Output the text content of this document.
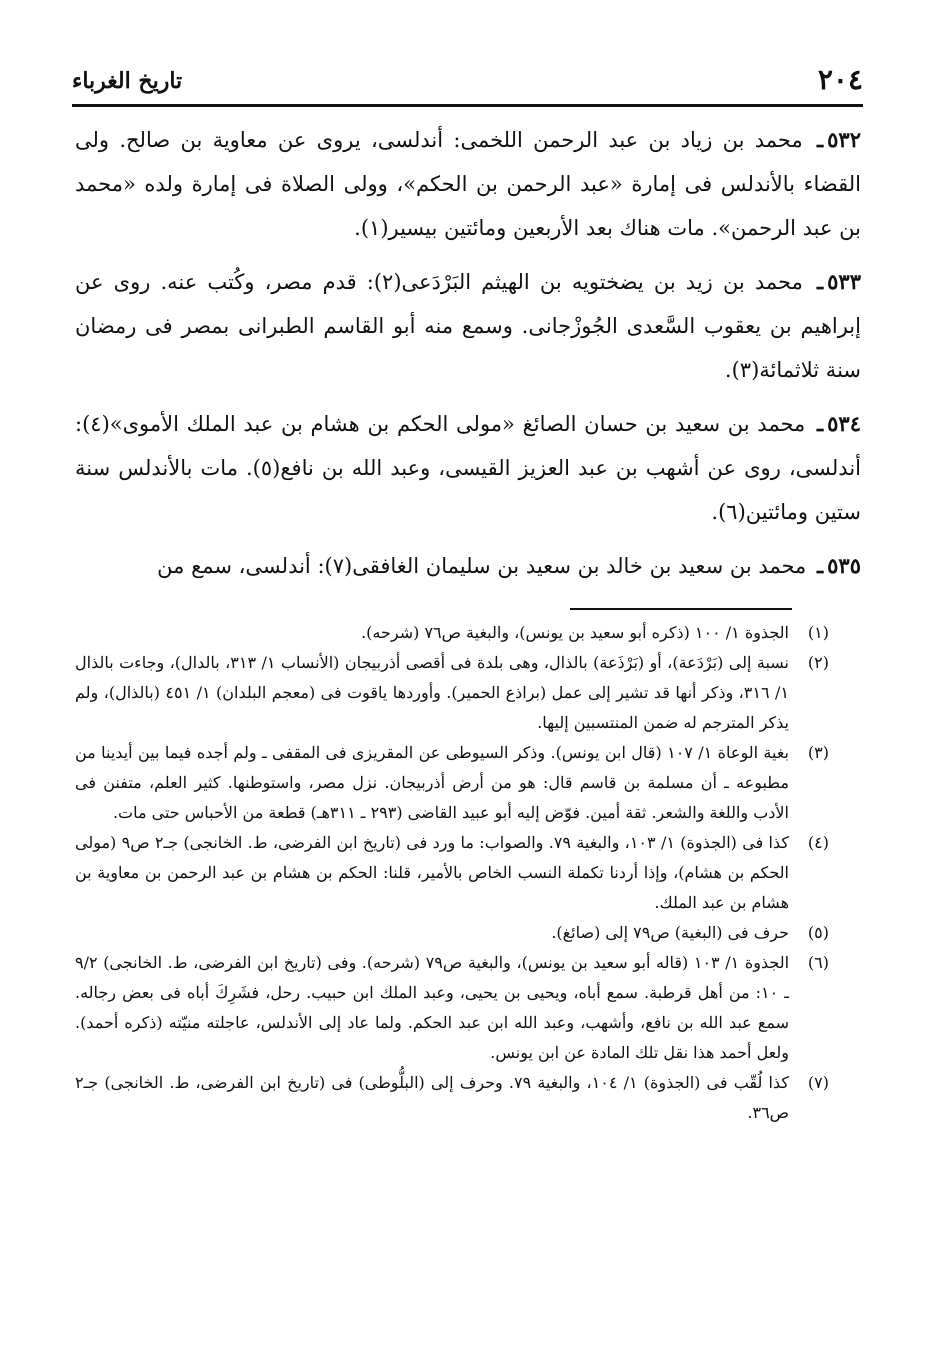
٢٠٤
تاريخ الغرباء

٥٣٢ـ محمد بن زياد بن عبد الرحمن اللخمى: أندلسى، يروى عن معاوية بن صالح. ولى القضاء بالأندلس فى إمارة «عبد الرحمن بن الحكم»، وولى الصلاة فى إمارة ولده «محمد بن عبد الرحمن». مات هناك بعد الأربعين ومائتين بيسير(١).

٥٣٣ـ محمد بن زيد بن يضختويه بن الهيثم البَرْدَعى(٢): قدم مصر، وكُتب عنه. روى عن إبراهيم بن يعقوب السَّعدى الجُوزْجانى. وسمع منه أبو القاسم الطبرانى بمصر فى رمضان سنة ثلاثمائة(٣).

٥٣٤ـ محمد بن سعيد بن حسان الصائغ «مولى الحكم بن هشام بن عبد الملك الأموى»(٤): أندلسى، روى عن أشهب بن عبد العزيز القيسى، وعبد الله بن نافع(٥). مات بالأندلس سنة ستين ومائتين(٦).

٥٣٥ـ محمد بن سعيد بن خالد بن سعيد بن سليمان الغافقى(٧): أندلسى، سمع من

(١)
الجذوة ١/ ١٠٠ (ذكره أبو سعيد بن يونس)، والبغية ص٧٦ (شرحه).

(٢)
نسبة إلى (بَرْدَعة)، أو (بَرْذَعة) بالذال، وهى بلدة فى أقصى أذربيجان (الأنساب ١/ ٣١٣، بالدال)، وجاءت بالذال ١/ ٣١٦، وذكر أنها قد تشير إلى عمل (براذع الحمير). وأوردها ياقوت فى (معجم البلدان) ١/ ٤٥١ (بالذال)، ولم يذكر المترجم له ضمن المنتسبين إليها.

(٣)
بغية الوعاة ١/ ١٠٧ (قال ابن يونس). وذكر السيوطى عن المقريزى فى المقفى ـ ولم أجده فيما بين أيدينا من مطبوعه ـ أن مسلمة بن قاسم قال: هو من أرض أذربيجان. نزل مصر، واستوطنها. كثير العلم، متفنن فى الأدب واللغة والشعر. ثقة أمين. فوّض إليه أبو عبيد القاضى (٢٩٣ ـ ٣١١هـ) قطعة من الأحباس حتى مات.

(٤)
كذا فى (الجذوة) ١/ ١٠٣، والبغية ٧٩. والصواب: ما ورد فى (تاريخ ابن الفرضى، ط. الخانجى) جـ٢ ص٩ (مولى الحكم بن هشام)، وإذا أردنا تكملة النسب الخاص بالأمير، قلنا: الحكم بن هشام بن عبد الرحمن بن معاوية بن هشام بن عبد الملك.

(٥)
حرف فى (البغية) ص٧٩ إلى (صائغ).

(٦)
الجذوة ١/ ١٠٣ (قاله أبو سعيد بن يونس)، والبغية ص٧٩ (شرحه). وفى (تاريخ ابن الفرضى، ط. الخانجى) ٩/٢ ـ ١٠: من أهل قرطبة. سمع أباه، ويحيى بن يحيى، وعبد الملك ابن حبيب. رحل، فشَرِكَ أباه فى بعض رجاله. سمع عبد الله بن نافع، وأشهب، وعبد الله ابن عبد الحكم. ولما عاد إلى الأندلس، عاجلته منيّته (ذكره أحمد). ولعل أحمد هذا نقل تلك المادة عن ابن يونس.

(٧)
كذا لُقّب فى (الجذوة) ١/ ١٠٤، والبغية ٧٩. وحرف إلى (البلُّوطى) فى (تاريخ ابن الفرضى، ط. الخانجى) جـ٢ ص٣٦.
